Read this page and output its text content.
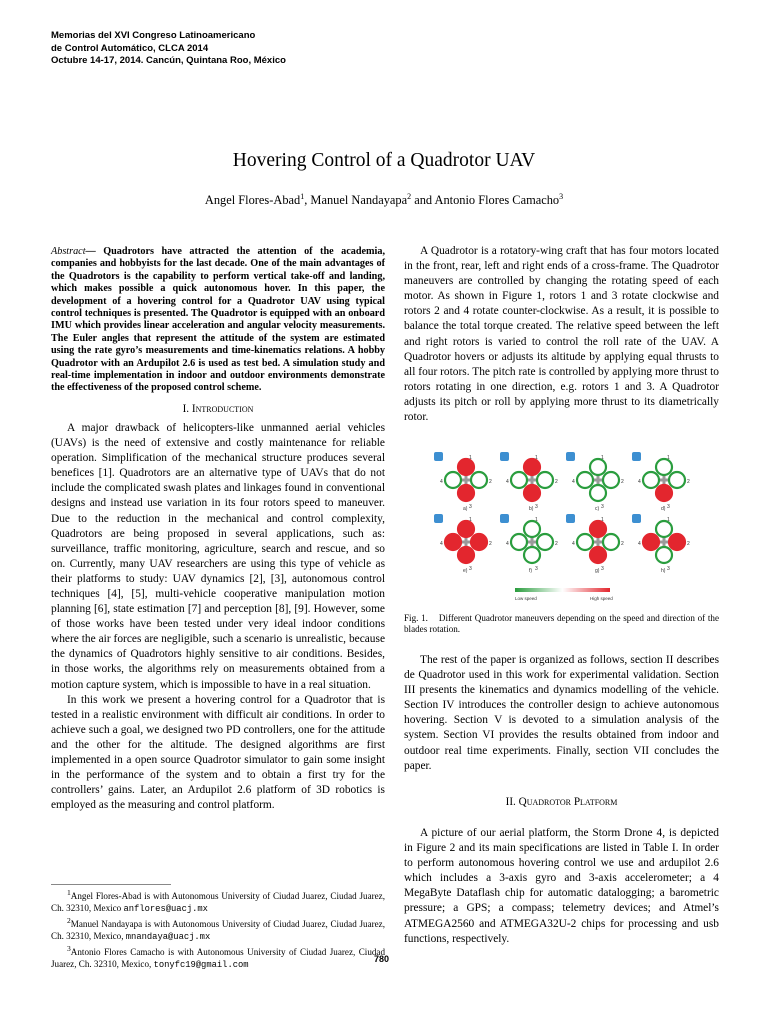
Memorias del XVI Congreso Latinoamericano
de Control Automático, CLCA 2014
Octubre 14-17, 2014. Cancún, Quintana Roo, México
Hovering Control of a Quadrotor UAV
Angel Flores-Abad$^1$, Manuel Nandayapa$^2$ and Antonio Flores Camacho$^3$
Abstract— Quadrotors have attracted the attention of the academia, companies and hobbyists for the last decade. One of the main advantages of the Quadrotors is the capability to perform vertical take-off and landing, which makes possible a quick autonomous hover. In this paper, the development of a hovering control for a Quadrotor UAV using typical control techniques is presented. The Quadrotor is equipped with an onboard IMU which provides linear acceleration and angular velocity measurements. The Euler angles that represent the attitude of the system are estimated using the rate gyro’s measurements and time-kinematics relations. A hobby Quadrotor with an Ardupilot 2.6 is used as test bed. A simulation study and real-time implementation in indoor and outdoor environments demonstrate the effectiveness of the proposed control scheme.
I. Introduction

A major drawback of helicopters-like unmanned aerial vehicles (UAVs) is the need of extensive and costly maintenance for reliable operation. Simplification of the mechanical structure produces several benefices [1]. Quadrotors are an alternative type of UAVs that do not include the complicated swash plates and linkages found in conventional designs and instead use variation in its four rotors speed to maneuver. Due to the reduction in the mechanical and control complexity, Quadrotors are being proposed in several applications, such as: surveillance, traffic monitoring, agriculture, search and rescue, and so on. Currently, many UAV researchers are using this type of vehicle as their platforms to study: UAV dynamics [2], [3], autonomous control techniques [4], [5], multi-vehicle cooperative manipulation motion planning [6], state estimation [7] and perception [8], [9]. However, some of those works have been tested under very ideal indoor conditions where the air forces are negligible, such a scenario is unrealistic, because the dynamics of Quadrotors highly sensitive to air conditions. Besides, in those works, the algorithms rely on measurements obtained from a motion capture system, which is impossible to have in a real situation.

In this work we present a hovering control for a Quadrotor that is tested in a realistic environment with difficult air conditions. In order to achieve such a goal, we designed two PD controllers, one for the attitude and the other for the altitude. The designed algorithms are first implemented in a open source Quadrotor simulator to gain some insight in the performance of the system and to obtain a first try for the controllers’ gains. Later, an Ardupilot 2.6 platform of 3D robotics is employed as the measuring and control platform.

$^1$Angel Flores-Abad is with Autonomous University of Ciudad Juarez, Ciudad Juarez, Ch. 32310, Mexico anflores@uacj.mx

$^2$Manuel Nandayapa is with Autonomous University of Ciudad Juarez, Ciudad Juarez, Ch. 32310, Mexico, mnandaya@uacj.mx

$^3$Antonio Flores Camacho is with Autonomous University of Ciudad Juarez, Ciudad Juarez, Ch. 32310, Mexico, tonyfc19@gmail.com

780

A Quadrotor is a rotatory-wing craft that has four motors located in the front, rear, left and right ends of a cross-frame. The Quadrotor maneuvers are controlled by changing the rotating speed of each motor. As shown in Figure 1, rotors 1 and 3 rotate clockwise and rotors 2 and 4 rotate counter-clockwise. As a result, it is possible to balance the total torque created. The relative speed between the left and right rotors is varied to control the roll rate of the UAV. A Quadrotor hovers or adjusts its altitude by applying equal thrusts to all four rotors. The pitch rate is controlled by applying more thrust to rotors rotating in one direction, e.g. rotors 1 and 3. A Quadrotor adjusts its pitch or roll by applying more thrust to its diametrically rotor.

1
2
3
4
a)
1
2
3
4
b)
1
2
3
4
c)
1
2
3
4
d)
1
2
3
4
e)
1
2
3
4
f)
1
2
3
4
g)
1
2
3
4
h)
Low speed	High speed
Fig. 1. Different Quadrotor maneuvers depending on the speed and direction of the blades rotation.

The rest of the paper is organized as follows, section II describes de Quadrotor used in this work for experimental validation. Section III presents the kinematics and dynamics modelling of the vehicle. Section IV introduces the controller design to achieve autonomous hovering. Section V is devoted to a simulation analysis of the system. Section VI provides the results obtained from indoor and outdoor real time experiments. Finally, section VII concludes the paper.

II. Quadrotor Platform

A picture of our aerial platform, the Storm Drone 4, is depicted in Figure 2 and its main specifications are listed in Table I. In order to perform autonomous hovering control we use and ardupilot 2.6 which includes a 3-axis gyro and 3-axis accelerometer; a 4 MegaByte Dataflash chip for automatic datalogging; a barometric pressure; a GPS; a compass; telemetry devices; and Atmel’s ATMEGA2560 and ATMEGA32U-2 chips for processing and usb functions, respectively.
